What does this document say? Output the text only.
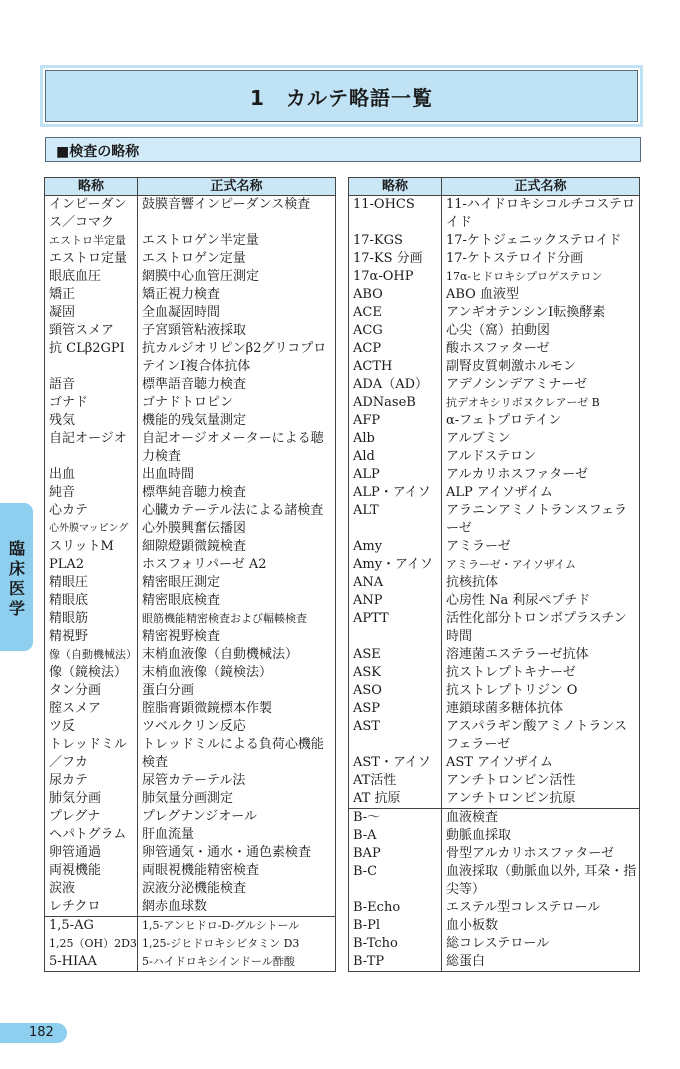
1　カルテ略語一覧
■検査の略称
略称	正式名称
インピーダンス／コマク	鼓膜音響インピーダンス検査
エストロ半定量	エストロゲン半定量
エストロ定量	エストロゲン定量
眼底血圧	網膜中心血管圧測定
矯正	矯正視力検査
凝固	全血凝固時間
頸管スメア	子宮頸管粘液採取
抗 CLβ2GPI	抗カルジオリピンβ2グリコプロテインⅠ複合体抗体
語音	標準語音聴力検査
ゴナド	ゴナドトロピン
残気	機能的残気量測定
自記オージオ	自記オージオメーターによる聴力検査
出血	出血時間
純音	標準純音聴力検査
心カテ	心臓カテーテル法による諸検査
心外膜マッピング	心外膜興奮伝播図
スリットM	細隙燈顕微鏡検査
PLA2	ホスフォリパーゼ A2
精眼圧	精密眼圧測定
精眼底	精密眼底検査
精眼筋	眼筋機能精密検査および輻輳検査
精視野	精密視野検査
像（自動機械法）	末梢血液像（自動機械法）
像（鏡検法）	末梢血液像（鏡検法）
タン分画	蛋白分画
腟スメア	腟脂膏顕微鏡標本作製
ツ反	ツベルクリン反応
トレッドミル／フカ	トレッドミルによる負荷心機能検査
尿カテ	尿管カテーテル法
肺気分画	肺気量分画測定
プレグナ	プレグナンジオール
ヘパトグラム	肝血流量
卵管通過	卵管通気・通水・通色素検査
両視機能	両眼視機能精密検査
涙液	涙液分泌機能検査
レチクロ	網赤血球数
1,5-AG	1,5-アンヒドロ-D-グルシトール
1,25（OH）2D3	1,25-ジヒドロキシビタミン D3
5-HIAA	5-ハイドロキシインドール酢酸
略称	正式名称
11-OHCS	11-ハイドロキシコルチコステロイド
17-KGS	17-ケトジェニックステロイド
17-KS 分画	17-ケトステロイド分画
17α-OHP	17α-ヒドロキシプロゲステロン
ABO	ABO 血液型
ACE	アンギオテンシンⅠ転換酵素
ACG	心尖（窩）拍動図
ACP	酸ホスファターゼ
ACTH	副腎皮質刺激ホルモン
ADA（AD）	アデノシンデアミナーゼ
ADNaseB	抗デオキシリボヌクレアーゼ B
AFP	α-フェトプロテイン
Alb	アルブミン
Ald	アルドステロン
ALP	アルカリホスファターゼ
ALP・アイソ	ALP アイソザイム
ALT	アラニンアミノトランスフェラーゼ
Amy	アミラーゼ
Amy・アイソ	アミラーゼ・アイソザイム
ANA	抗核抗体
ANP	心房性 Na 利尿ペプチド
APTT	活性化部分トロンボプラスチン時間
ASE	溶連菌エステラーゼ抗体
ASK	抗ストレプトキナーゼ
ASO	抗ストレプトリジン O
ASP	連鎖球菌多糖体抗体
AST	アスパラギン酸アミノトランスフェラーゼ
AST・アイソ	AST アイソザイム
AT活性	アンチトロンビン活性
AT 抗原	アンチトロンビン抗原
B-～	血液検査
B-A	動脈血採取
BAP	骨型アルカリホスファターゼ
B-C	血液採取（動脈血以外, 耳朶・指尖等）
B-Echo	エステル型コレステロール
B-Pl	血小板数
B-Tcho	総コレステロール
B-TP	総蛋白
臨床医学
182
